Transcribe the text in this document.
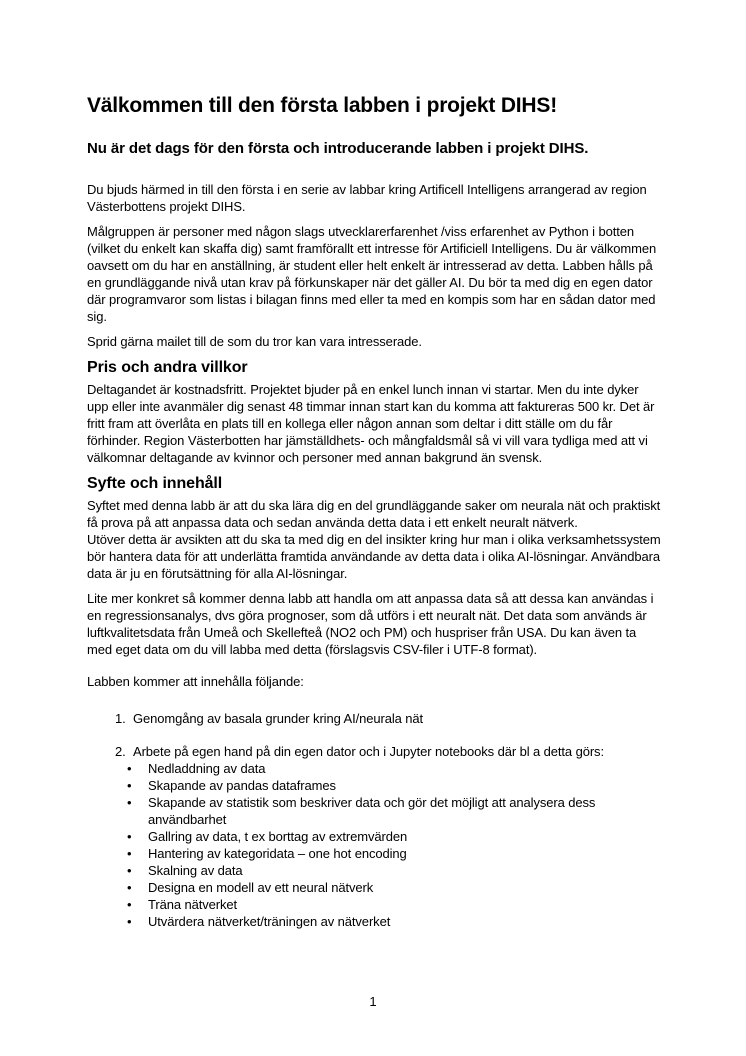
Välkommen till den första labben i projekt DIHS!

Nu är det dags för den första och introducerande labben i projekt DIHS.

Du bjuds härmed in till den första i en serie av labbar kring Artificell Intelligens arrangerad av region Västerbottens projekt DIHS.

Målgruppen är personer med någon slags utvecklarerfarenhet /viss erfarenhet av Python i botten (vilket du enkelt kan skaffa dig) samt framförallt ett intresse för Artificiell Intelligens. Du är välkommen oavsett om du har en anställning, är student eller helt enkelt är intresserad av detta. Labben hålls på en grundläggande nivå utan krav på förkunskaper när det gäller AI. Du bör ta med dig en egen dator där programvaror som listas i bilagan finns med eller ta med en kompis som har en sådan dator med sig.

Sprid gärna mailet till de som du tror kan vara intresserade.

Pris och andra villkor

Deltagandet är kostnadsfritt. Projektet bjuder på en enkel lunch innan vi startar. Men du inte dyker upp eller inte avanmäler dig senast 48 timmar innan start kan du komma att faktureras 500 kr. Det är fritt fram att överlåta en plats till en kollega eller någon annan som deltar i ditt ställe om du får förhinder. Region Västerbotten har jämställdhets- och mångfaldsmål så vi vill vara tydliga med att vi välkomnar deltagande av kvinnor och personer med annan bakgrund än svensk.

Syfte och innehåll

Syftet med denna labb är att du ska lära dig en del grundläggande saker om neurala nät och praktiskt få prova på att anpassa data och sedan använda detta data i ett enkelt neuralt nätverk.

Utöver detta är avsikten att du ska ta med dig en del insikter kring hur man i olika verksamhetssystem bör hantera data för att underlätta framtida användande av detta data i olika AI-lösningar. Användbara data är ju en förutsättning för alla AI-lösningar.

Lite mer konkret så kommer denna labb att handla om att anpassa data så att dessa kan användas i en regressionsanalys, dvs göra prognoser, som då utförs i ett neuralt nät. Det data som används är luftkvalitetsdata från Umeå och Skellefteå (NO2 och PM) och huspriser från USA. Du kan även ta med eget data om du vill labba med detta (förslagsvis CSV-filer i UTF-8 format).

Labben kommer att innehålla följande:

1. Genomgång av basala grunder kring AI/neurala nät
2. Arbete på egen hand på din egen dator och i Jupyter notebooks där bl a detta görs:
•	Nedladdning av data
•	Skapande av pandas dataframes
•	Skapande av statistik som beskriver data och gör det möjligt att analysera dess användbarhet
•	Gallring av data, t ex borttag av extremvärden
•	Hantering av kategoridata – one hot encoding
•	Skalning av data
•	Designa en modell av ett neural nätverk
•	Träna nätverket
•	Utvärdera nätverket/träningen av nätverket
1
